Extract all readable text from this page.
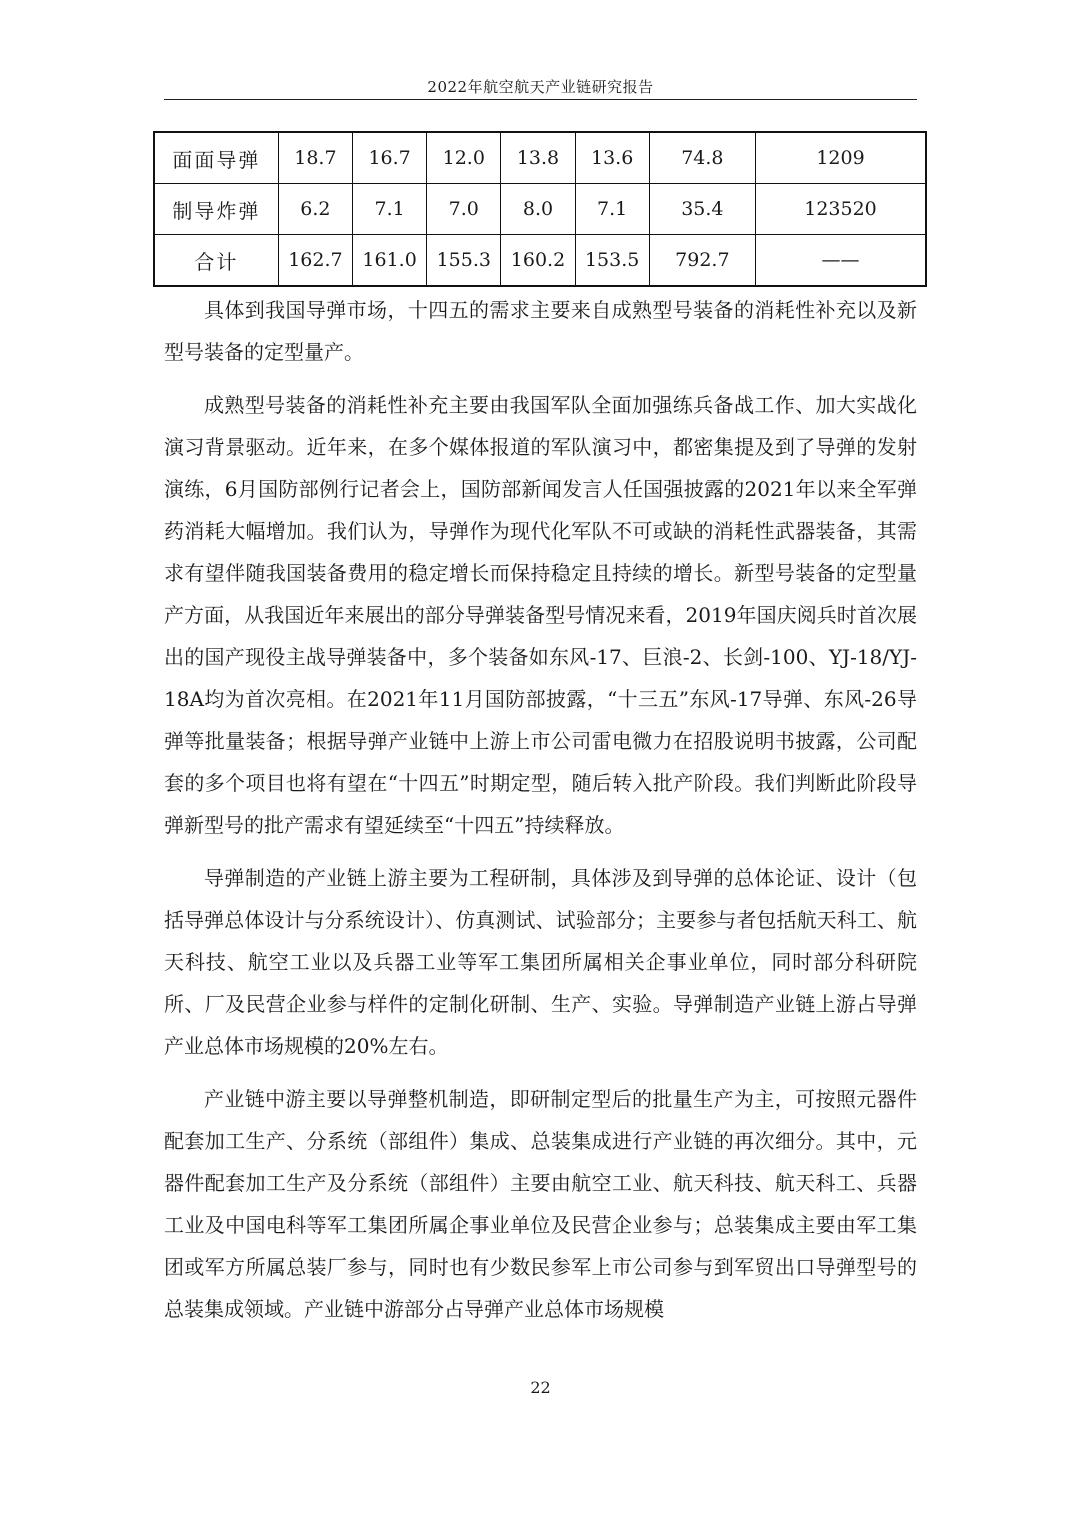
2022年航空航天产业链研究报告
面面导弹	18.7	16.7	12.0	13.8	13.6	74.8	1209
制导炸弹	6.2	7.1	7.0	8.0	7.1	35.4	123520
合计	162.7	161.0	155.3	160.2	153.5	792.7	——

具体到我国导弹市场，十四五的需求主要来自成熟型号装备的消耗性补充以及新型号装备的定型量产。

成熟型号装备的消耗性补充主要由我国军队全面加强练兵备战工作、加大实战化演习背景驱动。近年来，在多个媒体报道的军队演习中，都密集提及到了导弹的发射演练，6月国防部例行记者会上，国防部新闻发言人任国强披露的2021年以来全军弹药消耗大幅增加。我们认为，导弹作为现代化军队不可或缺的消耗性武器装备，其需求有望伴随我国装备费用的稳定增长而保持稳定且持续的增长。新型号装备的定型量产方面，从我国近年来展出的部分导弹装备型号情况来看，2019年国庆阅兵时首次展出的国产现役主战导弹装备中，多个装备如东风-17、巨浪-2、长剑-100、YJ-18/YJ-18A均为首次亮相。在2021年11月国防部披露，“十三五”东风-17导弹、东风-26导弹等批量装备；根据导弹产业链中上游上市公司雷电微力在招股说明书披露，公司配套的多个项目也将有望在“十四五”时期定型，随后转入批产阶段。我们判断此阶段导弹新型号的批产需求有望延续至“十四五”持续释放。

导弹制造的产业链上游主要为工程研制，具体涉及到导弹的总体论证、设计（包括导弹总体设计与分系统设计）、仿真测试、试验部分；主要参与者包括航天科工、航天科技、航空工业以及兵器工业等军工集团所属相关企事业单位，同时部分科研院所、厂及民营企业参与样件的定制化研制、生产、实验。导弹制造产业链上游占导弹产业总体市场规模的20%左右。

产业链中游主要以导弹整机制造，即研制定型后的批量生产为主，可按照元器件配套加工生产、分系统（部组件）集成、总装集成进行产业链的再次细分。其中，元器件配套加工生产及分系统（部组件）主要由航空工业、航天科技、航天科工、兵器工业及中国电科等军工集团所属企事业单位及民营企业参与；总装集成主要由军工集团或军方所属总装厂参与，同时也有少数民参军上市公司参与到军贸出口导弹型号的总装集成领域。产业链中游部分占导弹产业总体市场规模

22
